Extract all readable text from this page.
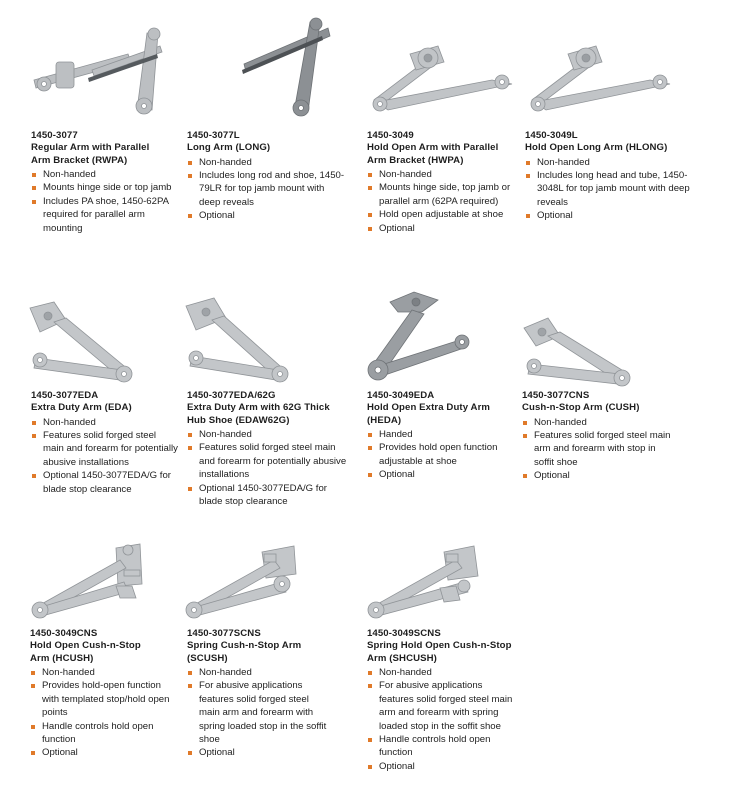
1450-3077
Regular Arm with Parallel
Arm Bracket (RWPA)
Non-handed
Mounts hinge side or top jamb
Includes PA shoe, 1450-62PA required for parallel arm mounting
1450-3077L
Long Arm (LONG)
Non-handed
Includes long rod and shoe, 1450-79LR for top jamb mount with deep reveals
Optional
1450-3049
Hold Open Arm with Parallel
Arm Bracket (HWPA)
Non-handed
Mounts hinge side, top jamb or parallel arm (62PA required)
Hold open adjustable at shoe
Optional
1450-3049L
Hold Open Long Arm (HLONG)
Non-handed
Includes long head and tube, 1450-3048L for top jamb mount with deep reveals
Optional
1450-3077EDA
Extra Duty Arm (EDA)
Non-handed
Features solid forged steel main and forearm for potentially abusive installations
Optional 1450-3077EDA/G for blade stop clearance
1450-3077EDA/62G
Extra Duty Arm with 62G Thick
Hub Shoe (EDAW62G)
Non-handed
Features solid forged steel main and forearm for potentially abusive installations
Optional 1450-3077EDA/G for blade stop clearance
1450-3049EDA
Hold Open Extra Duty Arm
(HEDA)
Handed
Provides hold open function adjustable at shoe
Optional
1450-3077CNS
Cush-n-Stop Arm (CUSH)
Non-handed
Features solid forged steel main arm and forearm with stop in soffit shoe
Optional
1450-3049CNS
Hold Open Cush-n-Stop
Arm (HCUSH)
Non-handed
Provides hold-open function with templated stop/hold open points
Handle controls hold open function
Optional
1450-3077SCNS
Spring Cush-n-Stop Arm
(SCUSH)
Non-handed
For abusive applications features solid forged steel main arm and forearm with spring loaded stop in the soffit shoe
Optional
1450-3049SCNS
Spring Hold Open Cush-n-Stop
Arm (SHCUSH)
Non-handed
For abusive applications features solid forged steel main arm and forearm with spring loaded stop in the soffit shoe
Handle controls hold open function
Optional
